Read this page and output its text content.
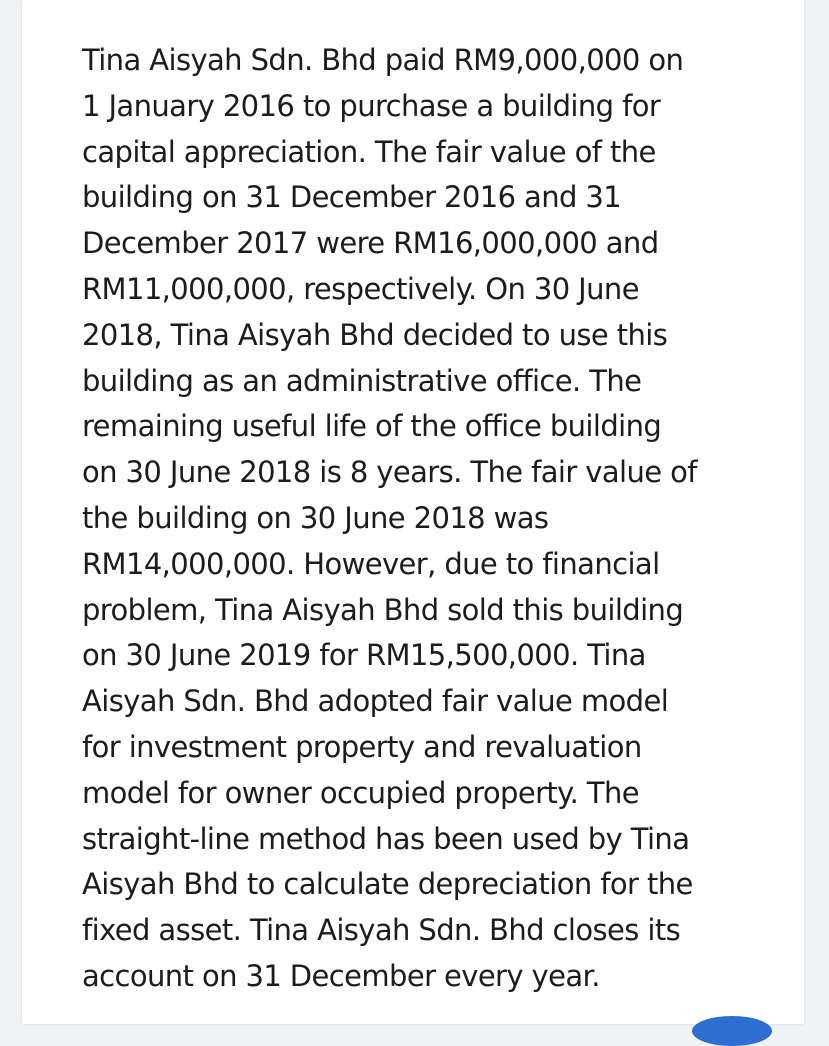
Tina Aisyah Sdn. Bhd paid RM9,000,000 on
1 January 2016 to purchase a building for
capital appreciation. The fair value of the
building on 31 December 2016 and 31
December 2017 were RM16,000,000 and
RM11,000,000, respectively. On 30 June
2018, Tina Aisyah Bhd decided to use this
building as an administrative office. The
remaining useful life of the office building
on 30 June 2018 is 8 years. The fair value of
the building on 30 June 2018 was
RM14,000,000. However, due to financial
problem, Tina Aisyah Bhd sold this building
on 30 June 2019 for RM15,500,000. Tina
Aisyah Sdn. Bhd adopted fair value model
for investment property and revaluation
model for owner occupied property. The
straight-line method has been used by Tina
Aisyah Bhd to calculate depreciation for the
fixed asset. Tina Aisyah Sdn. Bhd closes its
account on 31 December every year.
